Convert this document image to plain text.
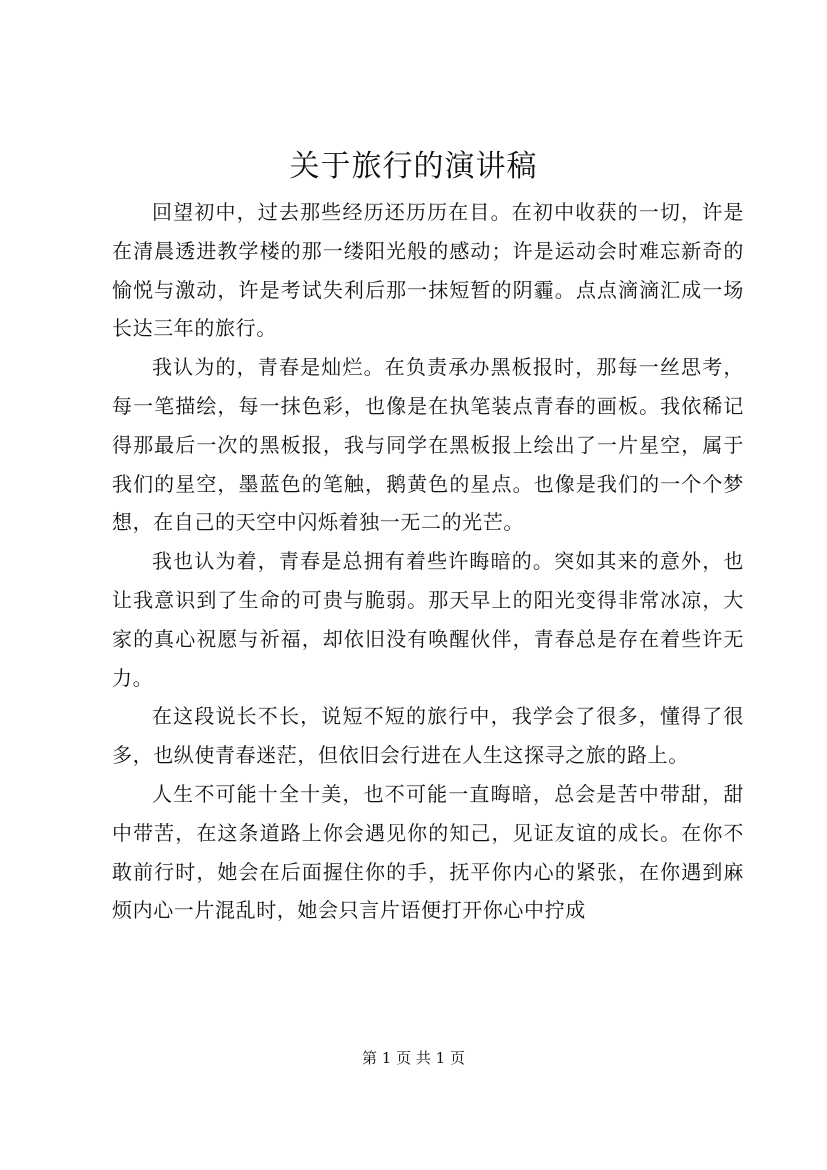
关于旅行的演讲稿

回望初中，过去那些经历还历历在目。在初中收获的一切，许是在清晨透进教学楼的那一缕阳光般的感动；许是运动会时难忘新奇的愉悦与激动，许是考试失利后那一抹短暂的阴霾。点点滴滴汇成一场长达三年的旅行。

我认为的，青春是灿烂。在负责承办黑板报时，那每一丝思考，每一笔描绘，每一抹色彩，也像是在执笔装点青春的画板。我依稀记得那最后一次的黑板报，我与同学在黑板报上绘出了一片星空，属于我们的星空，墨蓝色的笔触，鹅黄色的星点。也像是我们的一个个梦想，在自己的天空中闪烁着独一无二的光芒。

我也认为着，青春是总拥有着些许晦暗的。突如其来的意外，也让我意识到了生命的可贵与脆弱。那天早上的阳光变得非常冰凉，大家的真心祝愿与祈福，却依旧没有唤醒伙伴，青春总是存在着些许无力。

在这段说长不长，说短不短的旅行中，我学会了很多，懂得了很多，也纵使青春迷茫，但依旧会行进在人生这探寻之旅的路上。

人生不可能十全十美，也不可能一直晦暗，总会是苦中带甜，甜中带苦，在这条道路上你会遇见你的知己，见证友谊的成长。在你不敢前行时，她会在后面握住你的手，抚平你内心的紧张，在你遇到麻烦内心一片混乱时，她会只言片语便打开你心中拧成

第 1 页 共 1 页
